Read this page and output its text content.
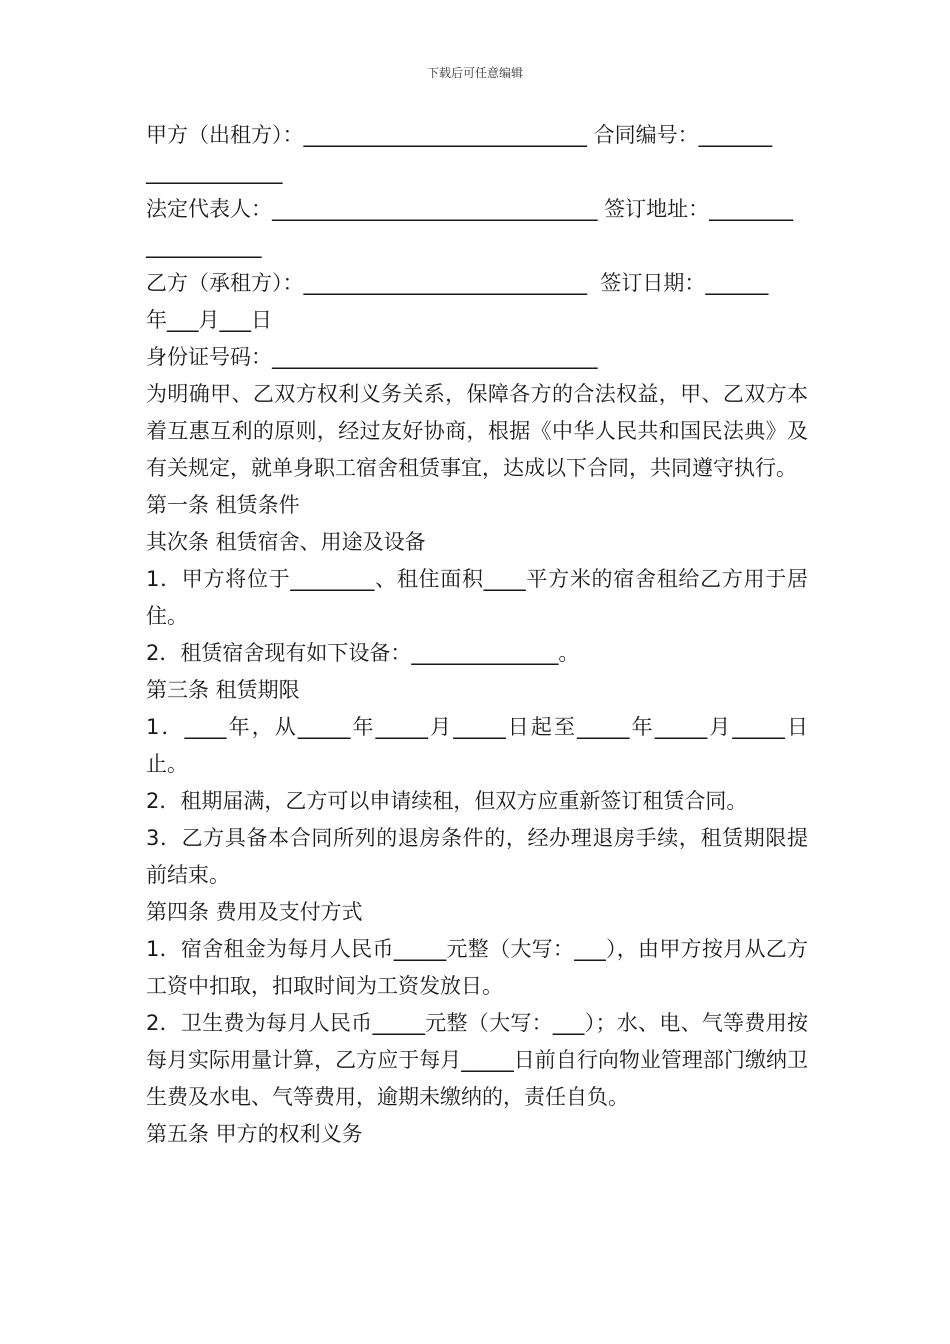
下载后可任意编辑

甲方（出租方）：___________________________ 合同编号：_______

_____________

法定代表人：_______________________________ 签订地址：________

___________

乙方（承租方）：___________________________  签订日期：______

年___月___日

身份证号码：_______________________________

为明确甲、乙双方权利义务关系，保障各方的合法权益，甲、乙双方本着互惠互利的原则，经过友好协商，根据《中华人民共和国民法典》及有关规定，就单身职工宿舍租赁事宜，达成以下合同，共同遵守执行。

第一条 租赁条件

其次条 租赁宿舍、用途及设备

1．甲方将位于________、租住面积____平方米的宿舍租给乙方用于居住。

2．租赁宿舍现有如下设备：______________。

第三条 租赁期限

1．____年，从_____年_____月_____日起至_____年_____月_____日止。

2．租期届满，乙方可以申请续租，但双方应重新签订租赁合同。

3．乙方具备本合同所列的退房条件的，经办理退房手续，租赁期限提前结束。

第四条 费用及支付方式

1．宿舍租金为每月人民币_____元整（大写：___），由甲方按月从乙方工资中扣取，扣取时间为工资发放日。

2．卫生费为每月人民币_____元整（大写：___）；水、电、气等费用按每月实际用量计算，乙方应于每月_____日前自行向物业管理部门缴纳卫生费及水电、气等费用，逾期未缴纳的，责任自负。

第五条 甲方的权利义务
